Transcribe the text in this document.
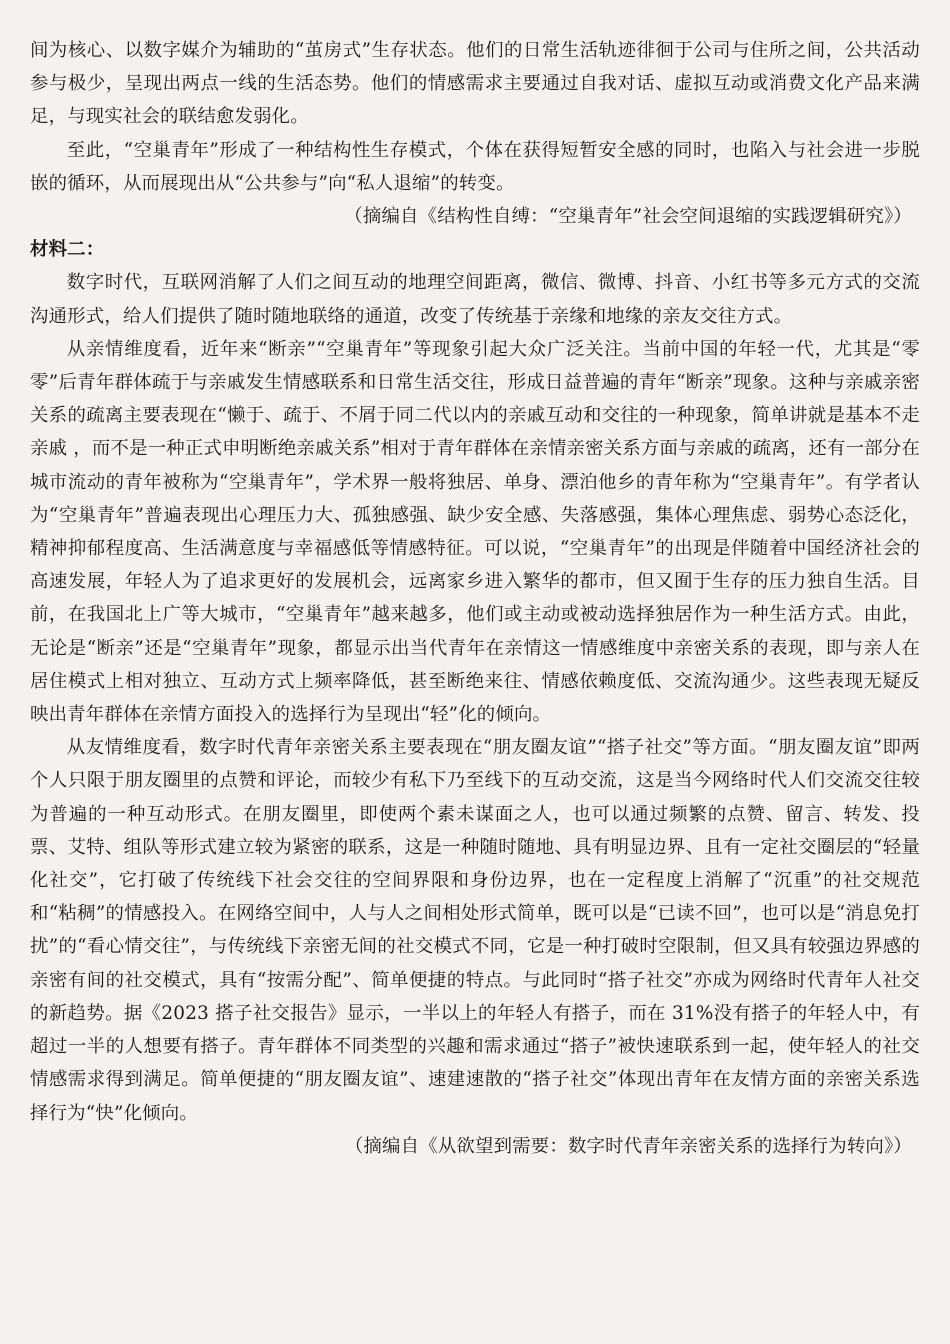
间为核心、以数字媒介为辅助的“茧房式”生存状态。他们的日常生活轨迹徘徊于公司与住所之间，公共活动参与极少，呈现出两点一线的生活态势。他们的情感需求主要通过自我对话、虚拟互动或消费文化产品来满足，与现实社会的联结愈发弱化。

至此，“空巢青年”形成了一种结构性生存模式，个体在获得短暂安全感的同时，也陷入与社会进一步脱嵌的循环，从而展现出从“公共参与”向“私人退缩”的转变。

（摘编自《结构性自缚：“空巢青年”社会空间退缩的实践逻辑研究》）

材料二：

数字时代，互联网消解了人们之间互动的地理空间距离，微信、微博、抖音、小红书等多元方式的交流沟通形式，给人们提供了随时随地联络的通道，改变了传统基于亲缘和地缘的亲友交往方式。

从亲情维度看，近年来“断亲”“空巢青年”等现象引起大众广泛关注。当前中国的年轻一代，尤其是“零零”后青年群体疏于与亲戚发生情感联系和日常生活交往，形成日益普遍的青年“断亲”现象。这种与亲戚亲密关系的疏离主要表现在“懒于、疏于、不屑于同二代以内的亲戚互动和交往的一种现象，简单讲就是基本不走亲戚 ，而不是一种正式申明断绝亲戚关系”相对于青年群体在亲情亲密关系方面与亲戚的疏离，还有一部分在城市流动的青年被称为“空巢青年”，学术界一般将独居、单身、漂泊他乡的青年称为“空巢青年”。有学者认为“空巢青年”普遍表现出心理压力大、孤独感强、缺少安全感、失落感强，集体心理焦虑、弱势心态泛化，精神抑郁程度高、生活满意度与幸福感低等情感特征。可以说，“空巢青年”的出现是伴随着中国经济社会的高速发展，年轻人为了追求更好的发展机会，远离家乡进入繁华的都市，但又囿于生存的压力独自生活。目前，在我国北上广等大城市，“空巢青年”越来越多，他们或主动或被动选择独居作为一种生活方式。由此，无论是“断亲”还是“空巢青年”现象，都显示出当代青年在亲情这一情感维度中亲密关系的表现，即与亲人在居住模式上相对独立、互动方式上频率降低，甚至断绝来往、情感依赖度低、交流沟通少。这些表现无疑反映出青年群体在亲情方面投入的选择行为呈现出“轻”化的倾向。

从友情维度看，数字时代青年亲密关系主要表现在“朋友圈友谊”“搭子社交”等方面。“朋友圈友谊”即两个人只限于朋友圈里的点赞和评论，而较少有私下乃至线下的互动交流，这是当今网络时代人们交流交往较为普遍的一种互动形式。在朋友圈里，即使两个素未谋面之人，也可以通过频繁的点赞、留言、转发、投票、艾特、组队等形式建立较为紧密的联系，这是一种随时随地、具有明显边界、且有一定社交圈层的“轻量化社交”，它打破了传统线下社会交往的空间界限和身份边界，也在一定程度上消解了“沉重”的社交规范和“粘稠”的情感投入。在网络空间中，人与人之间相处形式简单，既可以是“已读不回”，也可以是“消息免打扰”的“看心情交往”，与传统线下亲密无间的社交模式不同，它是一种打破时空限制，但又具有较强边界感的亲密有间的社交模式，具有“按需分配”、简单便捷的特点。与此同时“搭子社交”亦成为网络时代青年人社交的新趋势。据《2023 搭子社交报告》显示，一半以上的年轻人有搭子，而在 31%没有搭子的年轻人中，有超过一半的人想要有搭子。青年群体不同类型的兴趣和需求通过“搭子”被快速联系到一起，使年轻人的社交情感需求得到满足。简单便捷的“朋友圈友谊”、速建速散的“搭子社交”体现出青年在友情方面的亲密关系选择行为“快”化倾向。

（摘编自《从欲望到需要：数字时代青年亲密关系的选择行为转向》）
